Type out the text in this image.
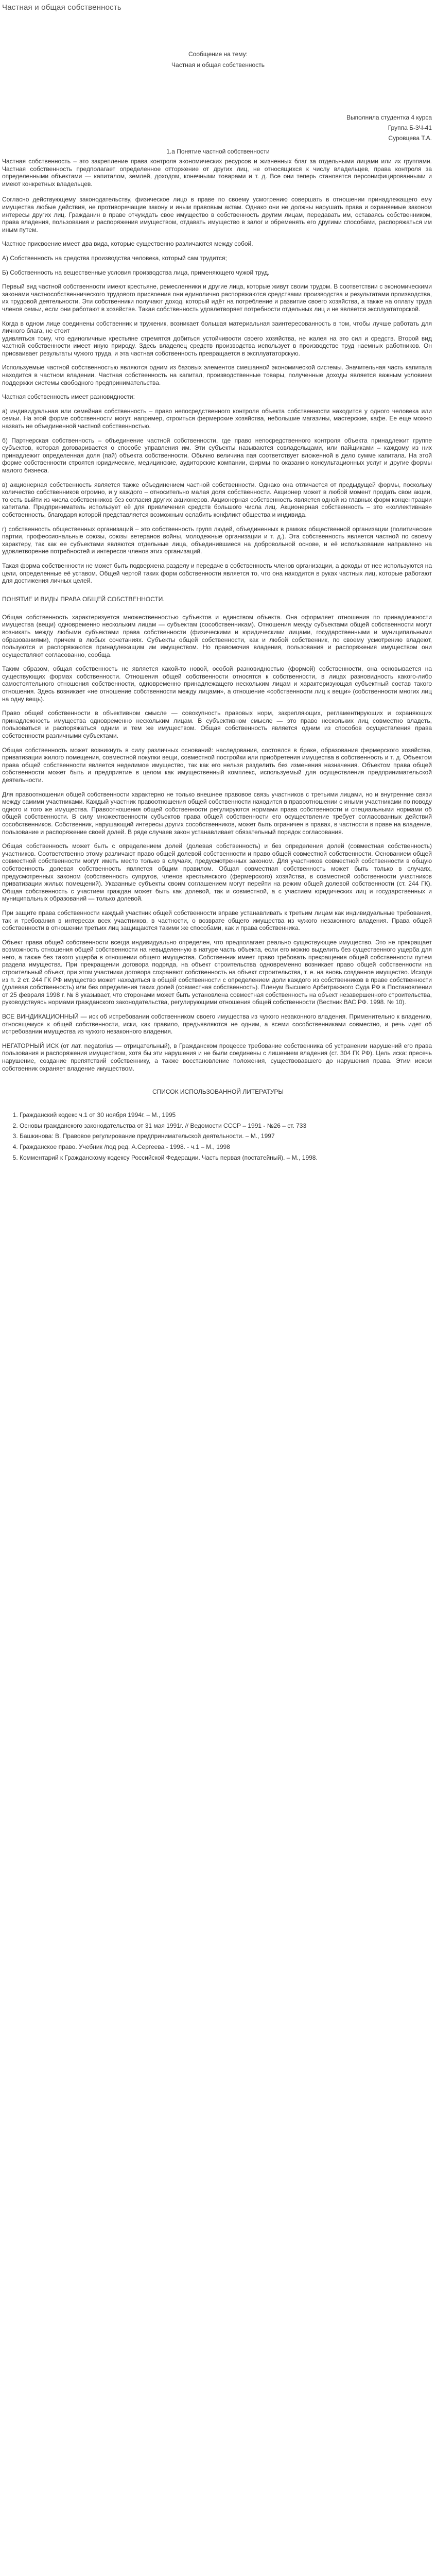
Частная и общая собственность
Сообщение на тему:
Частная и общая собственность
Выполнила студентка 4 курса
Группа Б-3Ч-41
Суровцева Т.А.
1.а Понятие частной собственности

Частная собственность – это закрепление права контроля экономических ресурсов и жизненных благ за отдельными лицами или их группами. Частная собственность предполагает определенное отторжение от других лиц, не относящихся к числу владельцев, права контроля за определенными объектами — капиталом, землей, доходом, конечными товарами и т. д. Все они теперь становятся персонифицированными и имеют конкретных владельцев.

Согласно действующему законодательству, физическое лицо в праве по своему усмотрению совершать в отношении принадлежащего ему имущества любые действия, не противоречащие закону и иным правовым актам. Однако они не должны нарушать права и охраняемые законом интересы других лиц. Гражданин в праве отчуждать свое имущество в собственность другим лицам, передавать им, оставаясь собственником, права владения, пользования и распоряжения имуществом, отдавать имущество в залог и обременять его другими способами, распоряжаться им иным путем.

Частное присвоение имеет два вида, которые существенно различаются между собой.

А) Собственность на средства производства человека, который сам трудится;

Б) Собственность на вещественные условия производства лица, применяющего чужой труд.

Первый вид частной собственности имеют крестьяне, ремесленники и другие лица, которые живут своим трудом. В соответствии с экономическими законами частнособственнического трудового присвоения они единолично распоряжаются средствами производства и результатами производства, их трудовой деятельности. Эти собственники получают доход, который идёт на потребление и развитие своего хозяйства, а также на оплату труда членов семьи, если они работают в хозяйстве. Такая собственность удовлетворяет потребности отдельных лиц и не является эксплуататорской.

Когда в одном лице соединены собственник и труженик, возникает большая материальная заинтересованность в том, чтобы лучше работать для личного блага, не стоит

удивляться тому, что единоличные крестьяне стремятся добиться устойчивости своего хозяйства, не жалея на это сил и средств. Второй вид частной собственности имеет иную природу. Здесь владелец средств производства использует в производстве труд наемных работников. Он присваивает результаты чужого труда, и эта частная собственность превращается в эксплуататорскую.

Используемые частной собственностью являются одним из базовых элементов смешанной экономической системы. Значительная часть капитала находится в частном владении. Частная собственность на капитал, производственные товары, полученные доходы является важным условием поддержки системы свободного предпринимательства.

Частная собственность имеет разновидности:

а) индивидуальная или семейная собственность – право непосредственного контроля объекта собственности находится у одного человека или семьи. На этой форме собственности могут, например, строиться фермерские хозяйства, небольшие магазины, мастерские, кафе. Ее еще можно назвать не объединенной частной собственностью.

б) Партнерская собственность – объединение частной собственности, где право непосредственного контроля объекта принадлежит группе субъектов, которая договаривается о способе управления им. Эти субъекты называются совладельцами, или пайщиками – каждому из них принадлежит определенная доля (пай) объекта собственности. Обычно величина пая соответствует вложенной в дело сумме капитала. На этой форме собственности строятся юридические, медицинские, аудиторские компании, фирмы по оказанию консультационных услуг и другие формы малого бизнеса.

в) акционерная собственность является также объединением частной собственности. Однако она отличается от предыдущей формы, поскольку количество собственников огромно, и у каждого – относительно малая доля собственности. Акционер может в любой момент продать свои акции, то есть выйти из числа собственников без согласия других акционеров. Акционерная собственность является одной из главных форм концентрации капитала. Предприниматель использует её для привлечения средств большого числа лиц. Акционерная собственность – это «коллективная» собственность, благодаря которой представляется возможным ослабить конфликт общества и индивида.

г) собственность общественных организаций – это собственность групп людей, объединенных в рамках общественной организации (политические партии, профессиональные союзы, союзы ветеранов войны, молодежные организации и т. д.). Эта собственность является частной по своему характеру, так как ее субъектами являются отдельные лица, объединившиеся на добровольной основе, и её использование направлено на удовлетворение потребностей и интересов членов этих организаций.

Такая форма собственности не может быть подвержена разделу и передаче в собственность членов организации, а доходы от нее используются на цели, определенные её уставом. Общей чертой таких форм собственности является то, что она находится в руках частных лиц, которые работают для достижения личных целей.

ПОНЯТИЕ И ВИДЫ ПРАВА ОБЩЕЙ СОБСТВЕННОСТИ.

Общая собственность характеризуется множественностью субъектов и единством объекта. Она оформляет отношения по принадлежности имущества (вещи) одновременно нескольким лицам — субъектам (сособственникам). Отношения между субъектами общей собственности могут возникать между любыми субъектами права собственности (физическими и юридическими лицами, государственными и муниципальными образованиями), причем в любых сочетаниях. Субъекты общей собственности, как и любой собственник, по своему усмотрению владеют, пользуются и распоряжаются принадлежащим им имуществом. Но правомочия владения, пользования и распоряжения имуществом они осуществляют согласованно, сообща.

Таким образом, общая собственность не является какой-то новой, особой разновидностью (формой) собственности, она основывается на существующих формах собственности. Отношения общей собственности относятся к собственности, в лицах разновидность какого-либо самостоятельного отношения собственности, одновременно принадлежащего нескольким лицам и характеризующая субъектный состав такого отношения. Здесь возникает «не отношение собственности между лицами», а отношение «собственности лиц к вещи» (собственности многих лиц на одну вещь).

Право общей собственности в объективном смысле — совокупность правовых норм, закрепляющих, регламентирующих и охраняющих принадлежность имущества одновременно нескольким лицам. В субъективном смысле — это право нескольких лиц совместно владеть, пользоваться и распоряжаться одним и тем же имуществом. Общая собственность является одним из способов осуществления права собственности различными субъектами.

Общая собственность может возникнуть в силу различных оснований: наследования, состоялся в браке, образования фермерского хозяйства, приватизации жилого помещения, совместной покупки вещи, совместной постройки или приобретения имущества в собственность и т. д. Объектом права общей собственности является неделимое имущество, так как его нельзя разделить без изменения назначения. Объектом права общей собственности может быть и предприятие в целом как имущественный комплекс, используемый для осуществления предпринимательской деятельности.

Для правоотношения общей собственности характерно не только внешнее правовое связь участников с третьими лицами, но и внутренние связи между самими участниками. Каждый участник правоотношения общей собственности находится в правоотношении с иными участниками по поводу одного и того же имущества. Правоотношения общей собственности регулируются нормами права собственности и специальными нормами об общей собственности. В силу множественности субъектов права общей собственности его осуществление требует согласованных действий сособственников. Собственник, нарушающий интересы других сособственников, может быть ограничен в правах, в частности в праве на владение, пользование и распоряжение своей долей. В ряде случаев закон устанавливает обязательный порядок согласования.

Общая собственность может быть с определением долей (долевая собственность) и без определения долей (совместная собственность) участников. Соответственно этому различают право общей долевой собственности и право общей совместной собственности. Основанием общей совместной собственности могут иметь место только в случаях, предусмотренных законом. Для участников совместной собственности в общую собственность долевая собственность является общим правилом. Общая совместная собственность может быть только в случаях, предусмотренных законом (собственность супругов, членов крестьянского (фермерского) хозяйства, в совместной собственности участников приватизации жилых помещений). Указанные субъекты своим соглашением могут перейти на режим общей долевой собственности (ст. 244 ГК). Общая собственность с участием граждан может быть как долевой, так и совместной, а с участием юридических лиц и государственных и муниципальных образований — только долевой.

При защите права собственности каждый участник общей собственности вправе устанавливать к третьим лицам как индивидуальные требования, так и требования в интересах всех участников, в частности, о возврате общего имущества из чужого незаконного владения. Права общей собственности в отношении третьих лиц защищаются такими же способами, как и права собственника.

Объект права общей собственности всегда индивидуально определен, что предполагает реально существующее имущество. Это не прекращает возможность отношения общей собственности на невыделенную в натуре часть объекта, если его можно выделить без существенного ущерба для него, а также без такого ущерба в отношении общего имущества. Собственник имеет право требовать прекращения общей собственности путем раздела имущества. При прекращении договора подряда, на объект строительства одновременно возникает право общей собственности на строительный объект, при этом участники договора сохраняют собственность на объект строительства, т. е. на вновь созданное имущество. Исходя из п. 2 ст. 244 ГК РФ имущество может находиться в общей собственности с определением доли каждого из собственников в праве собственности (долевая собственность) или без определения таких долей (совместная собственность). Пленум Высшего Арбитражного Суда РФ в Постановлении от 25 февраля 1998 г. № 8 указывает, что сторонами может быть установлена совместная собственность на объект незавершенного строительства, руководствуясь нормами гражданского законодательства, регулирующими отношения общей собственности (Вестник ВАС РФ. 1998. № 10).

ВСЕ ВИНДИКАЦИОННЫЙ — иск об истребовании собственником своего имущества из чужого незаконного владения. Применительно к владению, относящемуся к общей собственности, иски, как правило, предъявляются не одним, а всеми сособственниками совместно, и речь идет об истребовании имущества из чужого незаконного владения.

НЕГАТОРНЫЙ ИСК (от лат. negatorius — отрицательный), в Гражданском процессе требование собственника об устранении нарушений его права пользования и распоряжения имуществом, хотя бы эти нарушения и не были соединены с лишением владения (ст. 304 ГК РФ). Цель иска: пресечь нарушение, создание препятствий собственнику, а также восстановление положения, существовавшего до нарушения права. Этим иском собственник охраняет владение имуществом.

СПИСОК ИСПОЛЬЗОВАННОЙ ЛИТЕРАТУРЫ
1. Гражданский кодекс ч.1 от 30 ноября 1994г. – М., 1995
2. Основы гражданского законодательства от 31 мая 1991г. // Ведомости СССР – 1991 - №26 – ст. 733
3. Башкинова: В. Правовое регулирование предпринимательской деятельности. – М., 1997
4. Гражданское право. Учебник /под ред. А.Сергеева - 1998. - ч.1 – М., 1998
5. Комментарий к Гражданскому кодексу Российской Федерации. Часть первая (постатейный). – М., 1998.
